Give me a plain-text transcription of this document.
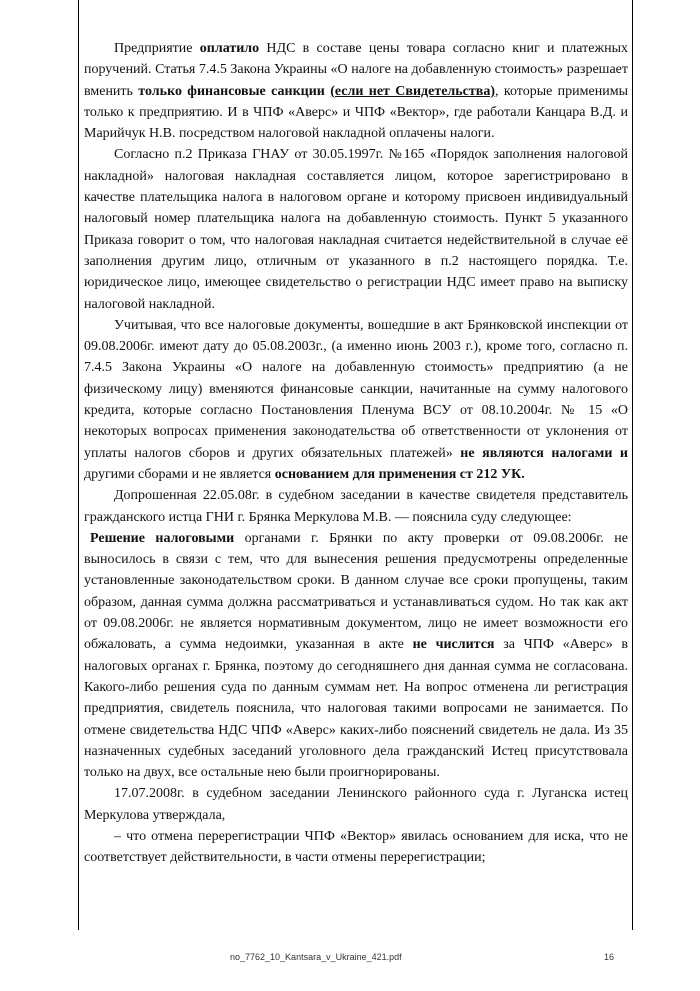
Предприятие оплатило НДС в составе цены товара согласно книг и платежных поручений. Статья 7.4.5 Закона Украины «О налоге на добавленную стоимость» разрешает вменить только финансовые санкции (если нет Свидетельства), которые применимы только к предприятию. И в ЧПФ «Аверс» и ЧПФ «Вектор», где работали Канцара В.Д. и Марийчук Н.В. посредством налоговой накладной оплачены налоги.

Согласно п.2 Приказа ГНАУ от 30.05.1997г. №165 «Порядок заполнения налоговой накладной» налоговая накладная составляется лицом, которое зарегистрировано в качестве плательщика налога в налоговом органе и которому присвоен индивидуальный налоговый номер плательщика налога на добавленную стоимость. Пункт 5 указанного Приказа говорит о том, что налоговая накладная считается недействительной в случае её заполнения другим лицо, отличным от указанного в п.2 настоящего порядка. Т.е. юридическое лицо, имеющее свидетельство о регистрации НДС имеет право на выписку налоговой накладной.

Учитывая, что все налоговые документы, вошедшие в акт Брянковской инспекции от 09.08.2006г. имеют дату до 05.08.2003г., (а именно июнь 2003 г.), кроме того, согласно п. 7.4.5 Закона Украины «О налоге на добавленную стоимость» предприятию (а не физическому лицу) вменяются финансовые санкции, начитанные на сумму налогового кредита, которые согласно Постановления Пленума ВСУ от 08.10.2004г. № 15 «О некоторых вопросах применения законодательства об ответственности от уклонения от уплаты налогов сборов и других обязательных платежей» не являются налогами и другими сборами и не является основанием для применения ст 212 УК.

Допрошенная 22.05.08г. в судебном заседании в качестве свидетеля представитель гражданского истца ГНИ г. Брянка Меркулова М.В. — пояснила суду следующее:

Решение налоговыми органами г. Брянки по акту проверки от 09.08.2006г. не выносилось в связи с тем, что для вынесения решения предусмотрены определенные установленные законодательством сроки. В данном случае все сроки пропущены, таким образом, данная сумма должна рассматриваться и устанавливаться судом. Но так как акт от 09.08.2006г. не является нормативным документом, лицо не имеет возможности его обжаловать, а сумма недоимки, указанная в акте не числится за ЧПФ «Аверс» в налоговых органах г. Брянка, поэтому до сегодняшнего дня данная сумма не согласована. Какого-либо решения суда по данным суммам нет. На вопрос отменена ли регистрация предприятия, свидетель пояснила, что налоговая такими вопросами не занимается. По отмене свидетельства НДС ЧПФ «Аверс» каких-либо пояснений свидетель не дала. Из 35 назначенных судебных заседаний уголовного дела гражданский Истец присутствовала только на двух, все остальные нею были проигнорированы.

17.07.2008г. в судебном заседании Ленинского районного суда г. Луганска истец Меркулова утверждала,

– что отмена перерегистрации ЧПФ «Вектор» явилась основанием для иска, что не соответствует действительности, в части отмены перерегистрации;

no_7762_10_Kantsara_v_Ukraine_421.pdf	16
